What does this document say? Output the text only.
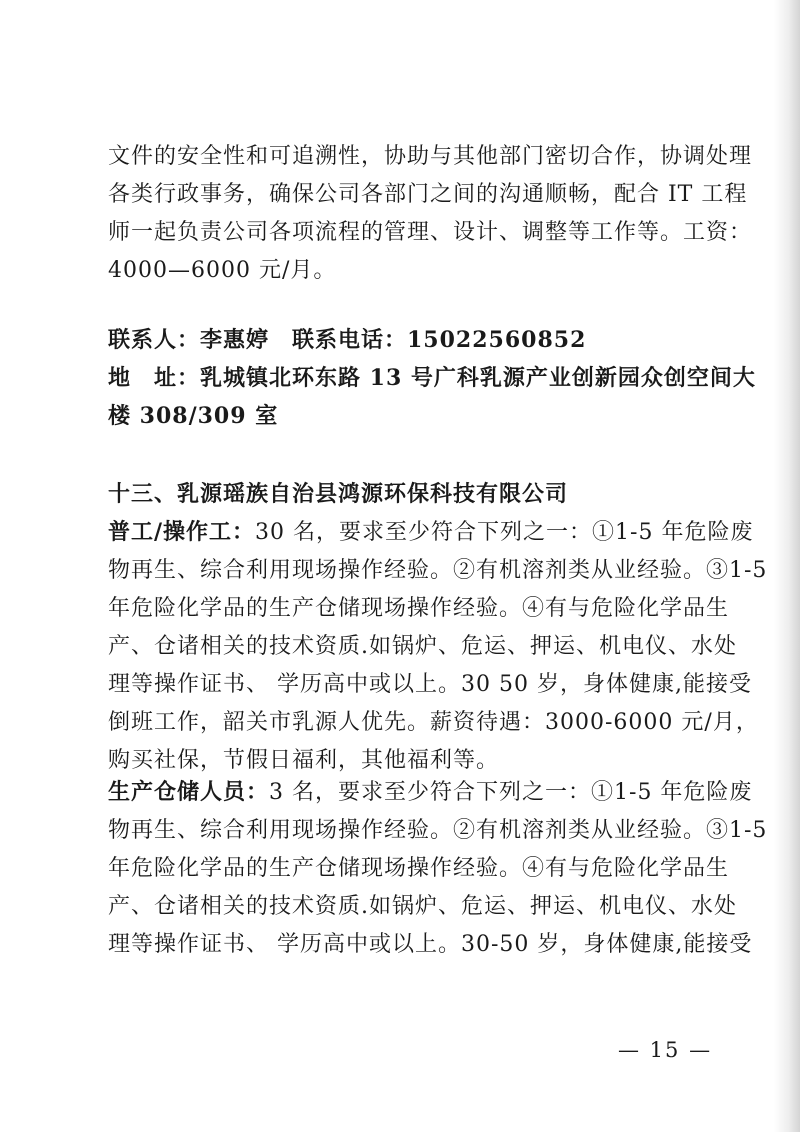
文件的安全性和可追溯性，协助与其他部门密切合作，协调处理
各类行政事务，确保公司各部门之间的沟通顺畅，配合 IT 工程
师一起负责公司各项流程的管理、设计、调整等工作等。工资：
4000—6000 元/月。
联系人：李惠婷　联系电话：15022560852
地　址：乳城镇北环东路 13 号广科乳源产业创新园众创空间大
楼 308/309 室
十三、乳源瑶族自治县鸿源环保科技有限公司
普工/操作工：30 名，要求至少符合下列之一：①1-5 年危险废
物再生、综合利用现场操作经验。②有机溶剂类从业经验。③1-5
年危险化学品的生产仓储现场操作经验。④有与危险化学品生
产、仓诸相关的技术资质.如锅炉、危运、押运、机电仪、水处
理等操作证书、 学历高中或以上。30 50 岁，身体健康,能接受
倒班工作，韶关市乳源人优先。薪资待遇：3000-6000 元/月，
购买社保，节假日福利，其他福利等。
生产仓储人员：3 名，要求至少符合下列之一：①1-5 年危险废
物再生、综合利用现场操作经验。②有机溶剂类从业经验。③1-5
年危险化学品的生产仓储现场操作经验。④有与危险化学品生
产、仓诸相关的技术资质.如锅炉、危运、押运、机电仪、水处
理等操作证书、 学历高中或以上。30-50 岁，身体健康,能接受
— 15 —
